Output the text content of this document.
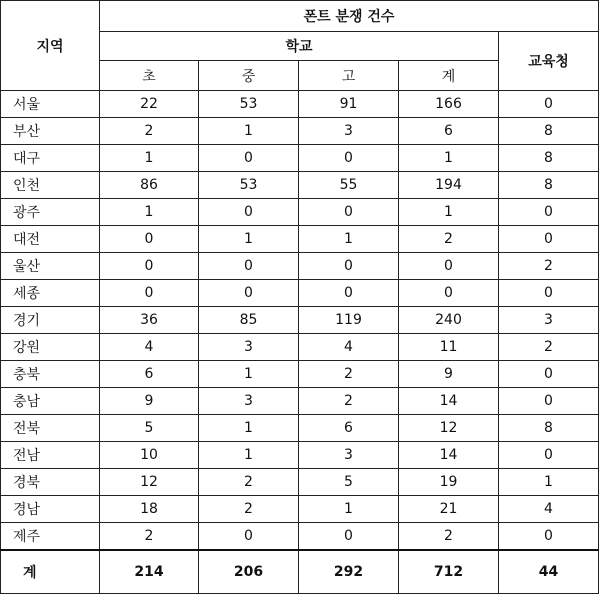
지역	폰트 분쟁 건수				
	학교				교육청
	초	중	고	계	
서울	22	53	91	166	0
부산	2	1	3	6	8
대구	1	0	0	1	8
인천	86	53	55	194	8
광주	1	0	0	1	0
대전	0	1	1	2	0
울산	0	0	0	0	2
세종	0	0	0	0	0
경기	36	85	119	240	3
강원	4	3	4	11	2
충북	6	1	2	9	0
충남	9	3	2	14	0
전북	5	1	6	12	8
전남	10	1	3	14	0
경북	12	2	5	19	1
경남	18	2	1	21	4
제주	2	0	0	2	0
계	214	206	292	712	44
